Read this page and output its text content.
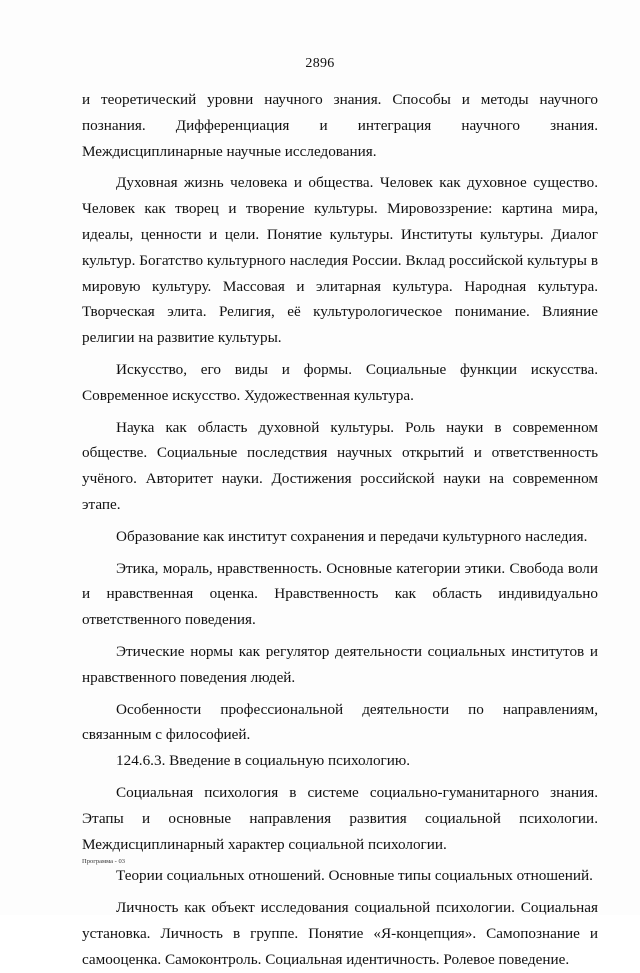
2896

и теоретический уровни научного знания. Способы и методы научного познания. Дифференциация и интеграция научного знания. Междисциплинарные научные исследования.

Духовная жизнь человека и общества. Человек как духовное существо. Человек как творец и творение культуры. Мировоззрение: картина мира, идеалы, ценности и цели. Понятие культуры. Институты культуры. Диалог культур. Богатство культурного наследия России. Вклад российской культуры в мировую культуру. Массовая и элитарная культура. Народная культура. Творческая элита. Религия, её культурологическое понимание. Влияние религии на развитие культуры.

Искусство, его виды и формы. Социальные функции искусства. Современное искусство. Художественная культура.

Наука как область духовной культуры. Роль науки в современном обществе. Социальные последствия научных открытий и ответственность учёного. Авторитет науки. Достижения российской науки на современном этапе.

Образование как институт сохранения и передачи культурного наследия.

Этика, мораль, нравственность. Основные категории этики. Свобода воли и нравственная оценка. Нравственность как область индивидуально ответственного поведения.

Этические нормы как регулятор деятельности социальных институтов и нравственного поведения людей.

Особенности профессиональной деятельности по направлениям, связанным с философией.

124.6.3. Введение в социальную психологию.

Социальная психология в системе социально-гуманитарного знания. Этапы и основные направления развития социальной психологии. Междисциплинарный характер социальной психологии.

Теории социальных отношений. Основные типы социальных отношений.

Личность как объект исследования социальной психологии. Социальная установка. Личность в группе. Понятие «Я-концепция». Самопознание и самооценка. Самоконтроль. Социальная идентичность. Ролевое поведение.

Программа - 03
